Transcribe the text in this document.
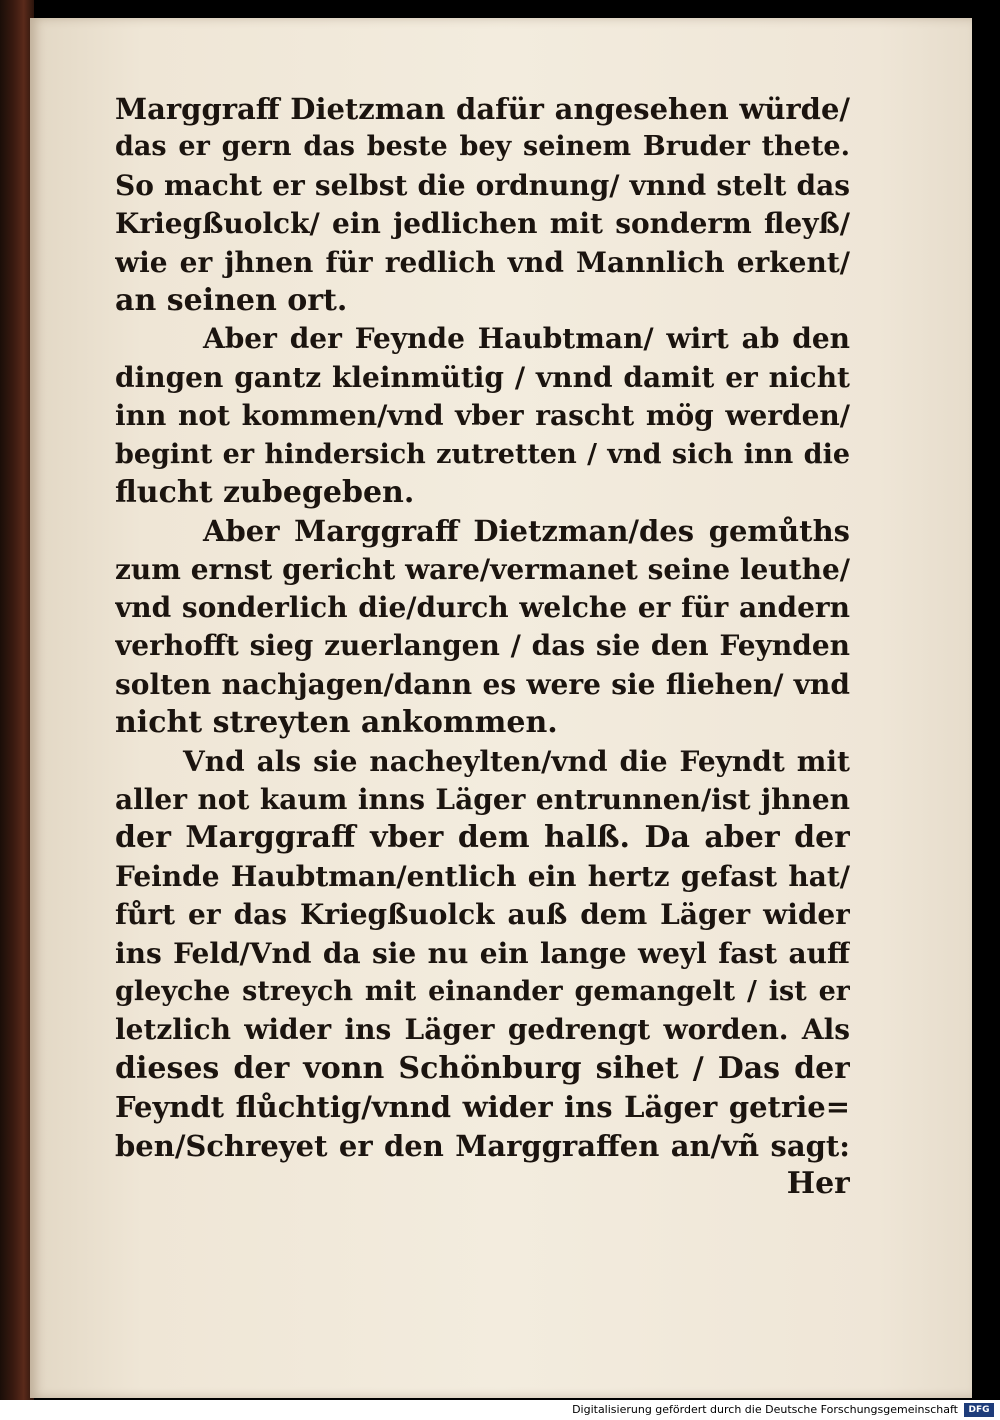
Marggraff Dietzman dafür angesehen würde/
das er gern das beste bey seinem Bruder thete.
So macht er selbst die ordnung/ vnnd stelt das
Kriegßuolck/ ein jedlichen mit sonderm fleyß/
wie er jhnen für redlich vnd Mannlich erkent/
an seinen ort.
Aber der Feynde Haubtman/ wirt ab den
dingen gantz kleinmütig / vnnd damit er nicht
inn not kommen/vnd vber rascht mög werden/
begint er hindersich zutretten / vnd sich inn die
flucht zubegeben.
Aber Marggraff Dietzman/des gemůths
zum ernst gericht ware/vermanet seine leuthe/
vnd sonderlich die/durch welche er für andern
verhofft sieg zuerlangen / das sie den Feynden
solten nachjagen/dann es were sie fliehen/ vnd
nicht streyten ankommen.
Vnd als sie nacheylten/vnd die Feyndt mit
aller not kaum inns Läger entrunnen/ist jhnen
der Marggraff vber dem halß. Da aber der
Feinde Haubtman/entlich ein hertz gefast hat/
fůrt er das Kriegßuolck auß dem Läger wider
ins Feld/Vnd da sie nu ein lange weyl fast auff
gleyche streych mit einander gemangelt / ist er
letzlich wider ins Läger gedrengt worden. Als
dieses der vonn Schönburg sihet / Das der
Feyndt flůchtig/vnnd wider ins Läger getrie=
ben/Schreyet er den Marggraffen an/vñ sagt:
Her
Digitalisierung gefördert durch die Deutsche Forschungsgemeinschaft	DFG
